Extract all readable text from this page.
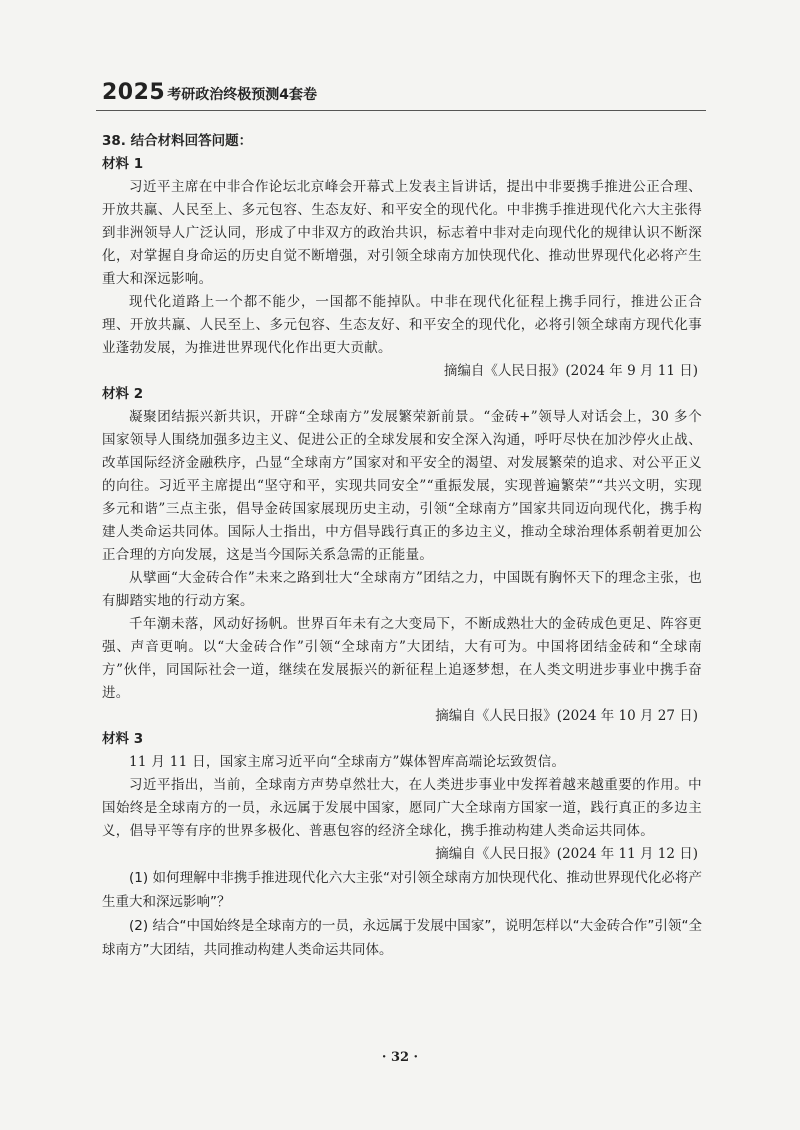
2025 考研政治终极预测4套卷

38. 结合材料回答问题：

材料 1

习近平主席在中非合作论坛北京峰会开幕式上发表主旨讲话，提出中非要携手推进公正合理、开放共赢、人民至上、多元包容、生态友好、和平安全的现代化。中非携手推进现代化六大主张得到非洲领导人广泛认同，形成了中非双方的政治共识，标志着中非对走向现代化的规律认识不断深化，对掌握自身命运的历史自觉不断增强，对引领全球南方加快现代化、推动世界现代化必将产生重大和深远影响。

现代化道路上一个都不能少，一国都不能掉队。中非在现代化征程上携手同行，推进公正合理、开放共赢、人民至上、多元包容、生态友好、和平安全的现代化，必将引领全球南方现代化事业蓬勃发展，为推进世界现代化作出更大贡献。

摘编自《人民日报》(2024 年 9 月 11 日)

材料 2

凝聚团结振兴新共识，开辟“全球南方”发展繁荣新前景。“金砖+”领导人对话会上，30 多个国家领导人围绕加强多边主义、促进公正的全球发展和安全深入沟通，呼吁尽快在加沙停火止战、改革国际经济金融秩序，凸显“全球南方”国家对和平安全的渴望、对发展繁荣的追求、对公平正义的向往。习近平主席提出“坚守和平，实现共同安全”“重振发展，实现普遍繁荣”“共兴文明，实现多元和谐”三点主张，倡导金砖国家展现历史主动，引领“全球南方”国家共同迈向现代化，携手构建人类命运共同体。国际人士指出，中方倡导践行真正的多边主义，推动全球治理体系朝着更加公正合理的方向发展，这是当今国际关系急需的正能量。

从擘画“大金砖合作”未来之路到壮大“全球南方”团结之力，中国既有胸怀天下的理念主张，也有脚踏实地的行动方案。

千年潮未落，风动好扬帆。世界百年未有之大变局下，不断成熟壮大的金砖成色更足、阵容更强、声音更响。以“大金砖合作”引领“全球南方”大团结，大有可为。中国将团结金砖和“全球南方”伙伴，同国际社会一道，继续在发展振兴的新征程上追逐梦想，在人类文明进步事业中携手奋进。

摘编自《人民日报》(2024 年 10 月 27 日)

材料 3

11 月 11 日，国家主席习近平向“全球南方”媒体智库高端论坛致贺信。

习近平指出，当前，全球南方声势卓然壮大，在人类进步事业中发挥着越来越重要的作用。中国始终是全球南方的一员，永远属于发展中国家，愿同广大全球南方国家一道，践行真正的多边主义，倡导平等有序的世界多极化、普惠包容的经济全球化，携手推动构建人类命运共同体。

摘编自《人民日报》(2024 年 11 月 12 日)

(1) 如何理解中非携手推进现代化六大主张“对引领全球南方加快现代化、推动世界现代化必将产生重大和深远影响”？

(2) 结合“中国始终是全球南方的一员，永远属于发展中国家”，说明怎样以“大金砖合作”引领“全球南方”大团结，共同推动构建人类命运共同体。

· 32 ·
